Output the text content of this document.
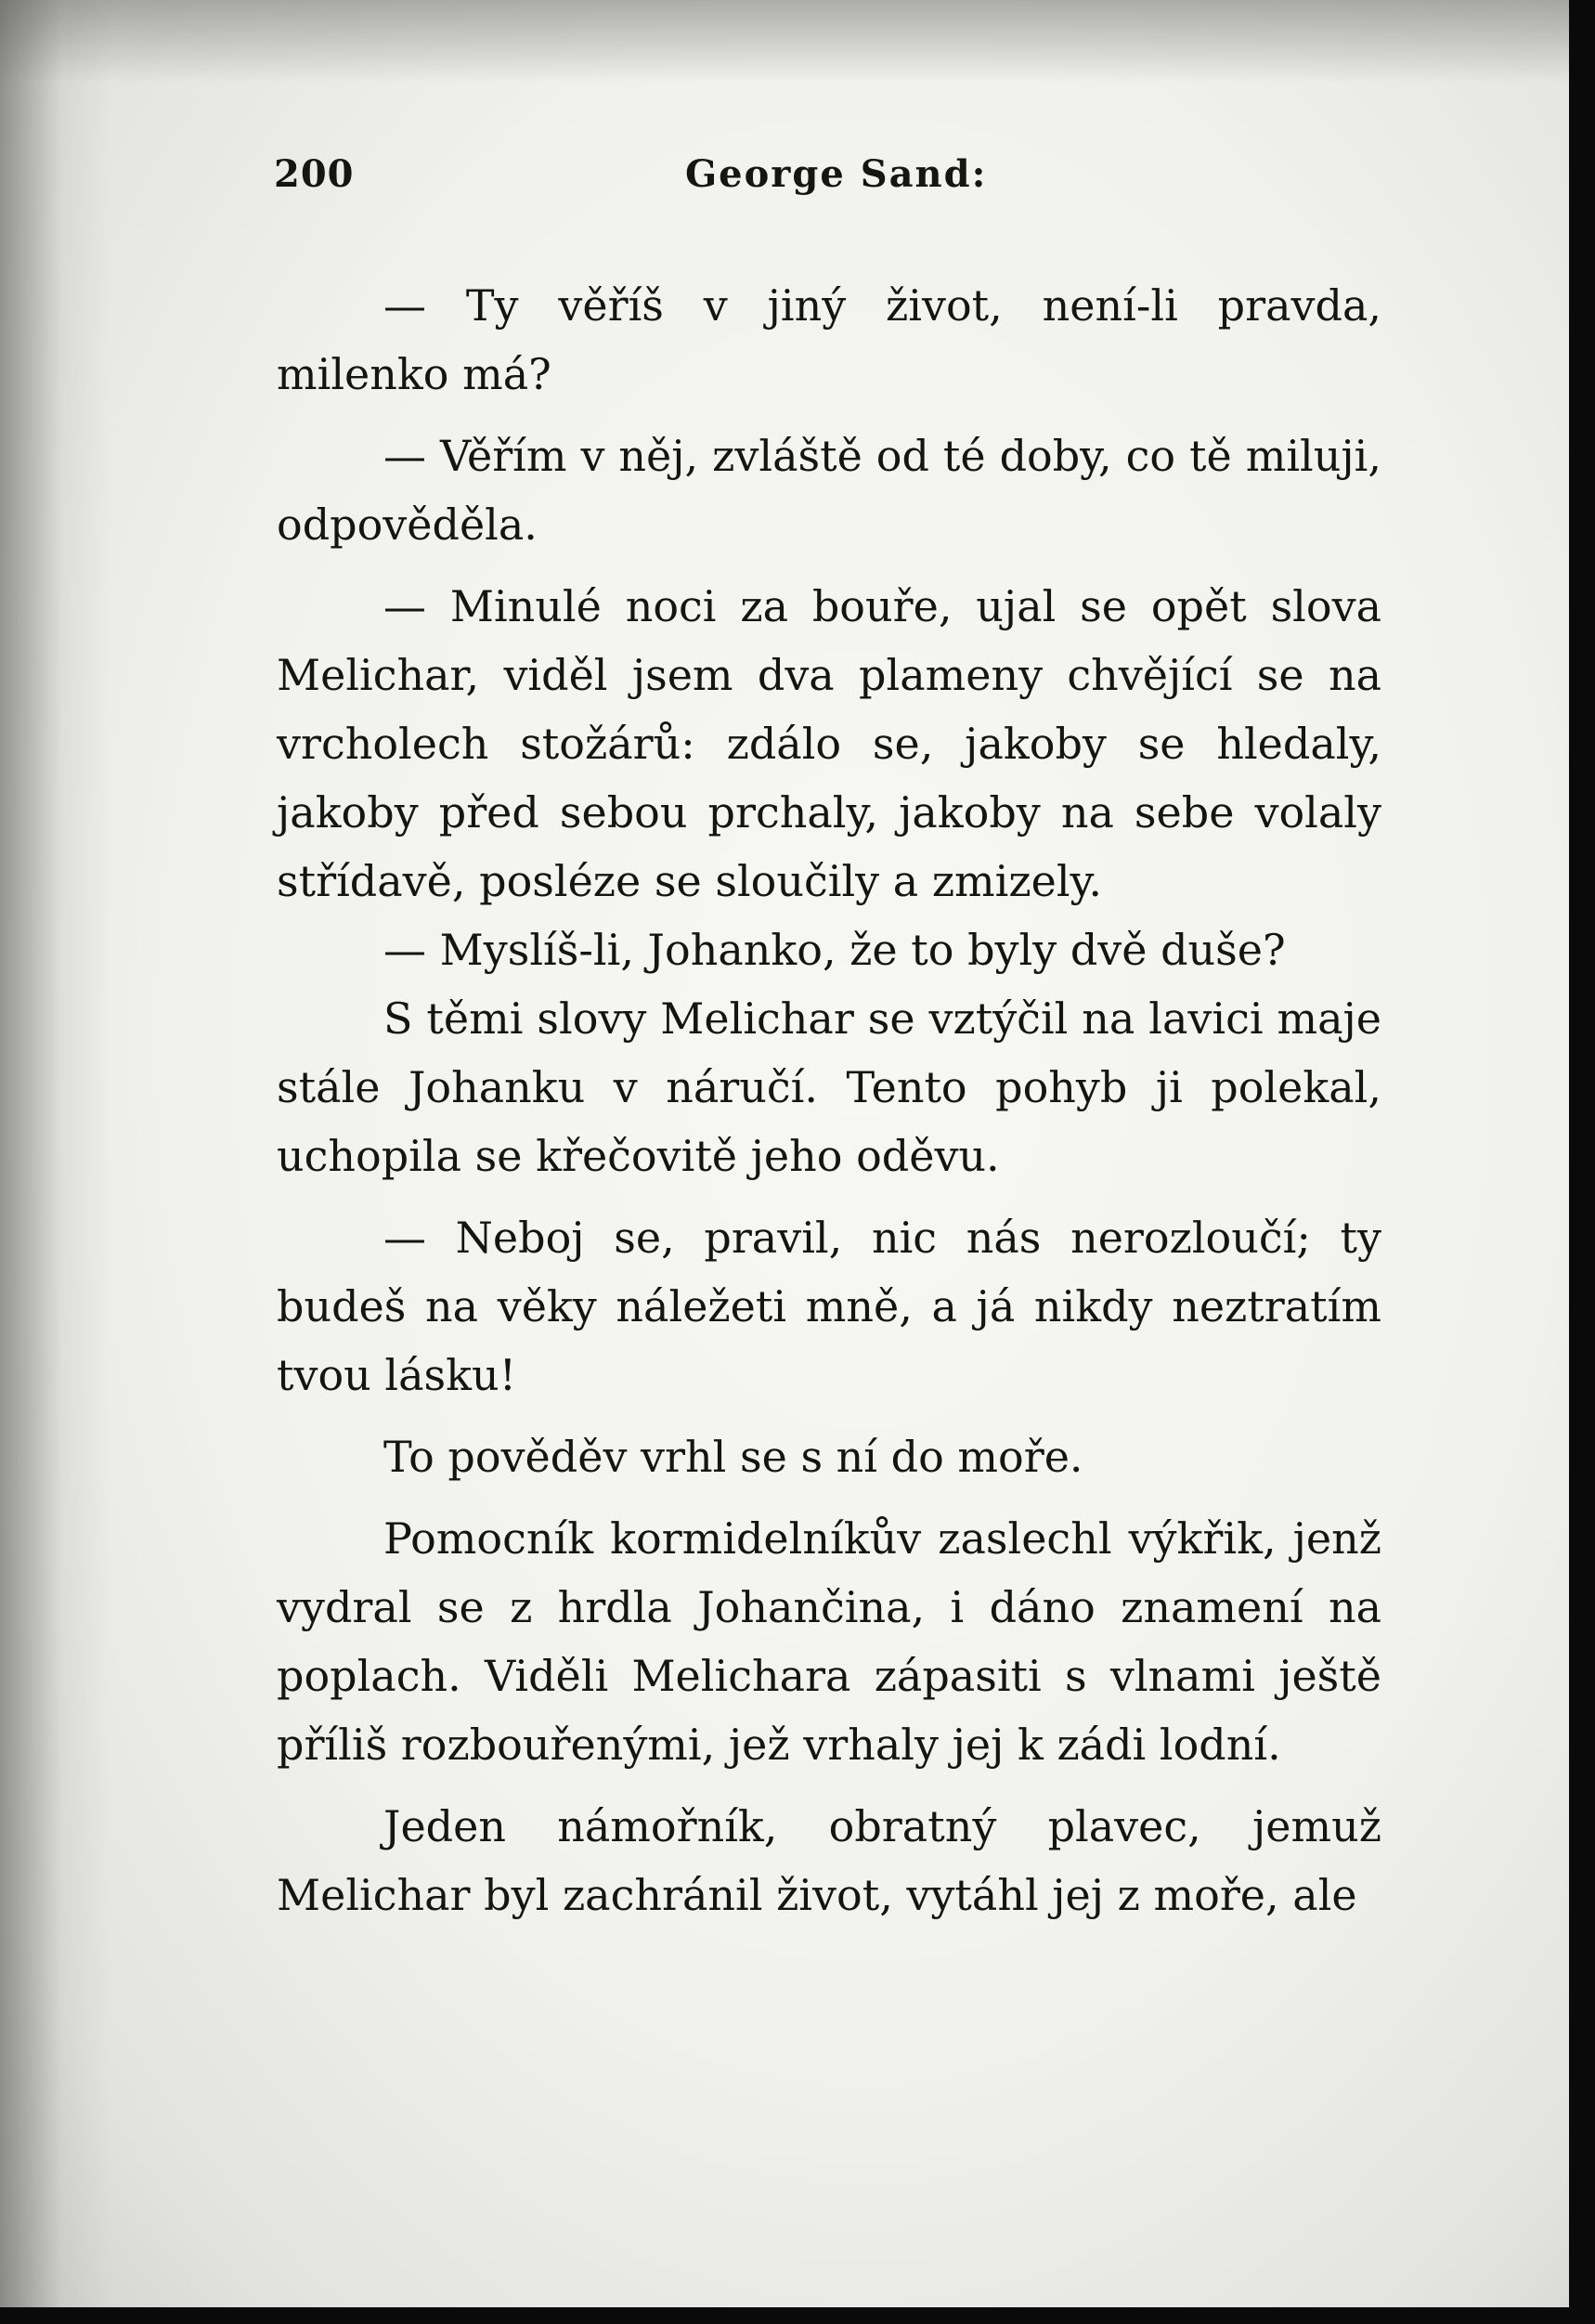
200	George Sand:

— Ty věříš v jiný život, není-li pravda, milenko má?

— Věřím v něj, zvláště od té doby, co tě miluji, odpověděla.

— Minulé noci za bouře, ujal se opět slova Melichar, viděl jsem dva plameny chvějící se na vrcholech stožárů: zdálo se, jakoby se hledaly, jakoby před sebou prchaly, jakoby na sebe volaly střídavě, posléze se sloučily a zmizely.

— Myslíš-li, Johanko, že to byly dvě duše?

S těmi slovy Melichar se vztýčil na lavici maje stále Johanku v náručí. Tento pohyb ji polekal, uchopila se křečovitě jeho oděvu.

— Neboj se, pravil, nic nás nerozloučí; ty budeš na věky náležeti mně, a já nikdy neztratím tvou lásku!

To pověděv vrhl se s ní do moře.

Pomocník kormidelníkův zaslechl výkřik, jenž vydral se z hrdla Johančina, i dáno znamení na poplach. Viděli Melichara zápasiti s vlnami ještě příliš rozbouřenými, jež vrhaly jej k zádi lodní.

Jeden námořník, obratný plavec, jemuž Melichar byl zachránil život, vytáhl jej z moře, ale
